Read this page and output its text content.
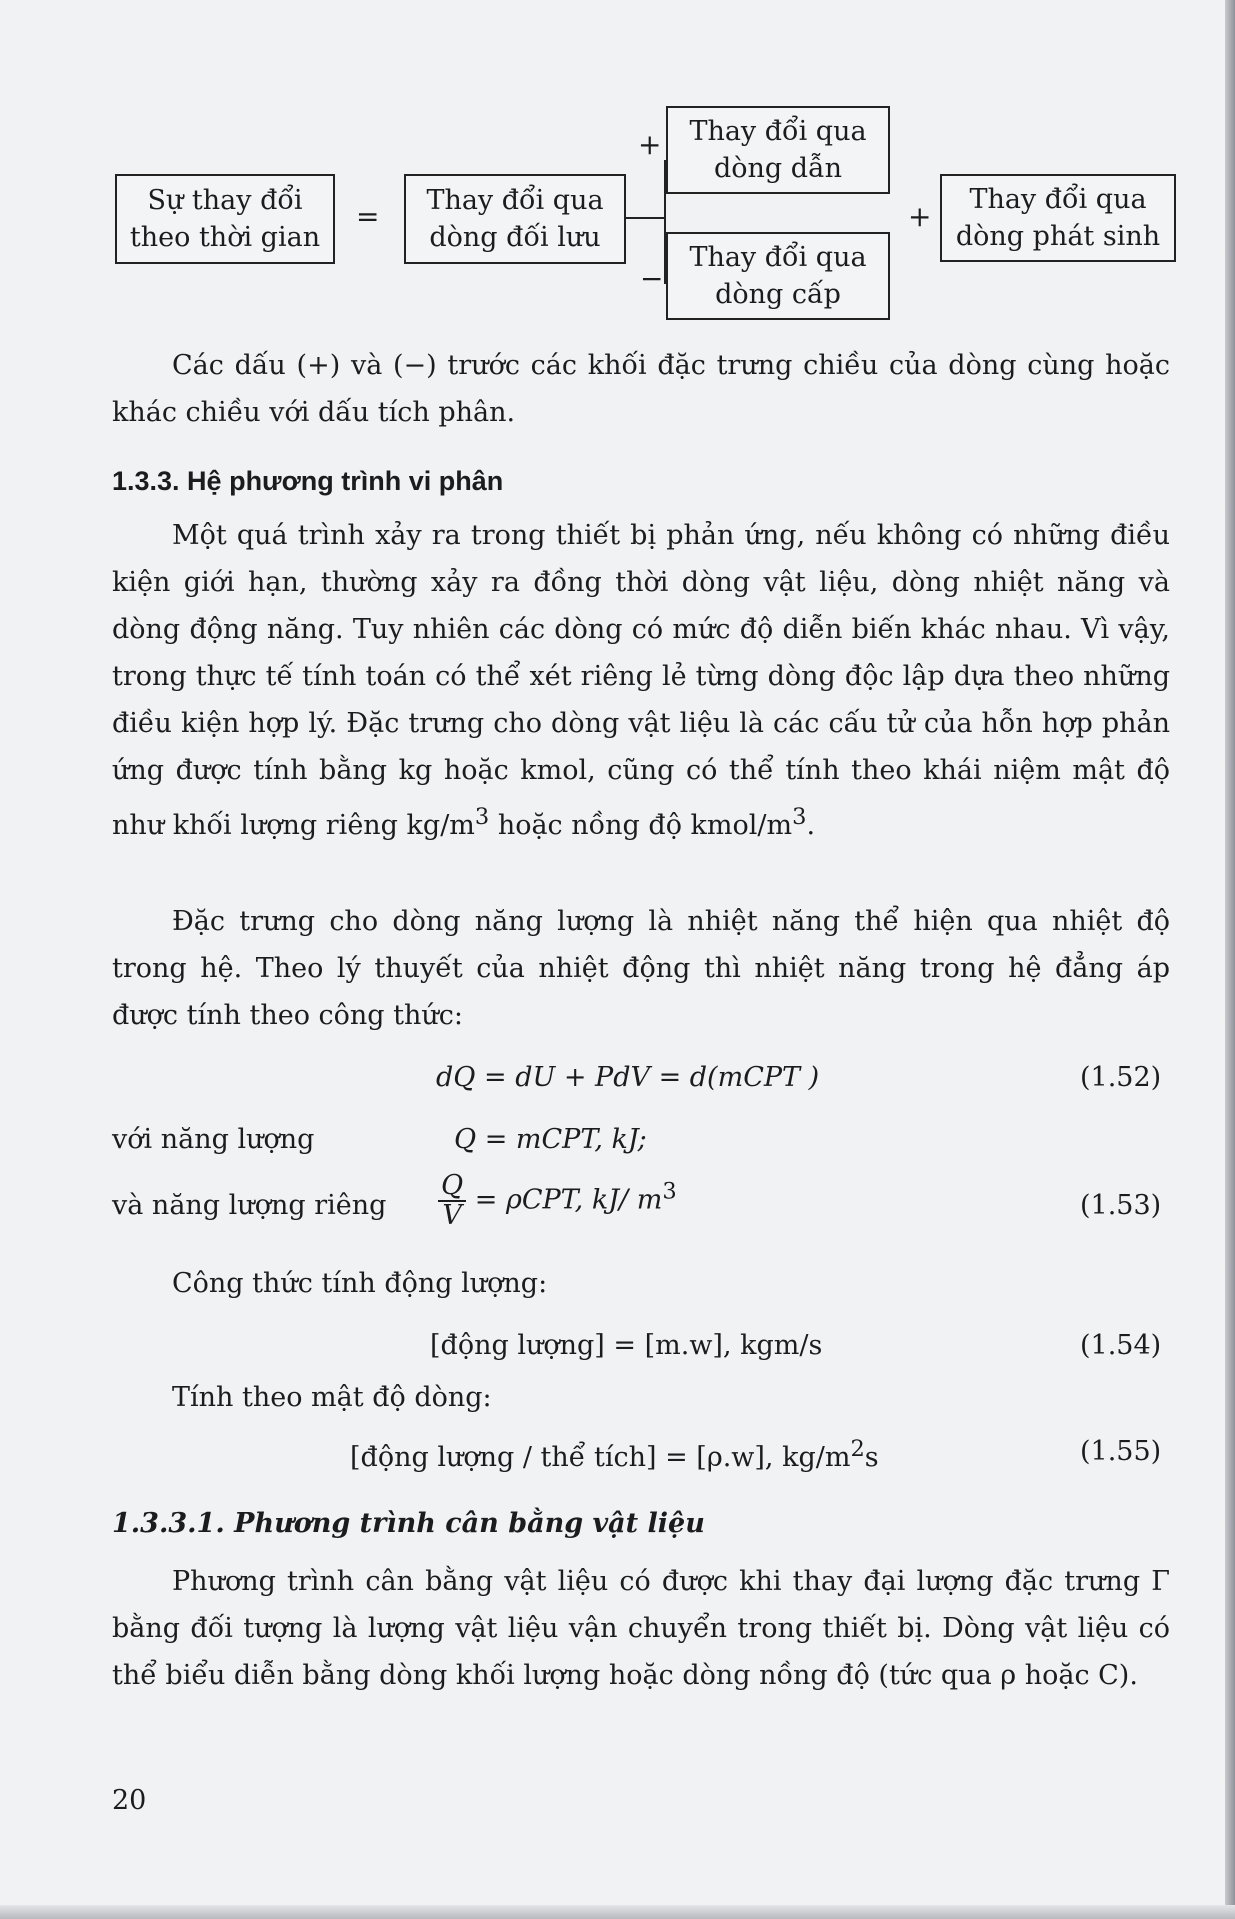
Sự thay đổi
theo thời gian
=	Thay đổi qua
dòng đối lưu
+	Thay đổi qua
dòng dẫn
−
Thay đổi qua
dòng cấp
+
Thay đổi qua
dòng phát sinh

Các dấu (+) và (−) trước các khối đặc trưng chiều của dòng cùng hoặc khác chiều với dấu tích phân.

1.3.3. Hệ phương trình vi phân

Một quá trình xảy ra trong thiết bị phản ứng, nếu không có những điều kiện giới hạn, thường xảy ra đồng thời dòng vật liệu, dòng nhiệt năng và dòng động năng. Tuy nhiên các dòng có mức độ diễn biến khác nhau. Vì vậy, trong thực tế tính toán có thể xét riêng lẻ từng dòng độc lập dựa theo những điều kiện hợp lý. Đặc trưng cho dòng vật liệu là các cấu tử của hỗn hợp phản ứng được tính bằng kg hoặc kmol, cũng có thể tính theo khái niệm mật độ như khối lượng riêng $kg/m^3$ hoặc nồng độ kmol/$m^3$.

Đặc trưng cho dòng năng lượng là nhiệt năng thể hiện qua nhiệt độ trong hệ. Theo lý thuyết của nhiệt động thì nhiệt năng trong hệ đẳng áp được tính theo công thức:

dQ = dU + PdV = d(mCPT )	(1.52)
với năng lượng	Q = mCPT, kJ;
và năng lượng riêng $\frac{Q}{V} = \rho CPT$, kJ/ $m^3$	(1.53)
Công thức tính động lượng:
[động lượng] = [m.w], kgm/s	(1.54)
Tính theo mật độ dòng:
[động lượng / thể tích] = [ρ.w], $kg/m^2s$	(1.55)
1.3.3.1. Phương trình cân bằng vật liệu

Phương trình cân bằng vật liệu có được khi thay đại lượng đặc trưng Γ bằng đối tượng là lượng vật liệu vận chuyển trong thiết bị. Dòng vật liệu có thể biểu diễn bằng dòng khối lượng hoặc dòng nồng độ (tức qua ρ hoặc C).

20
